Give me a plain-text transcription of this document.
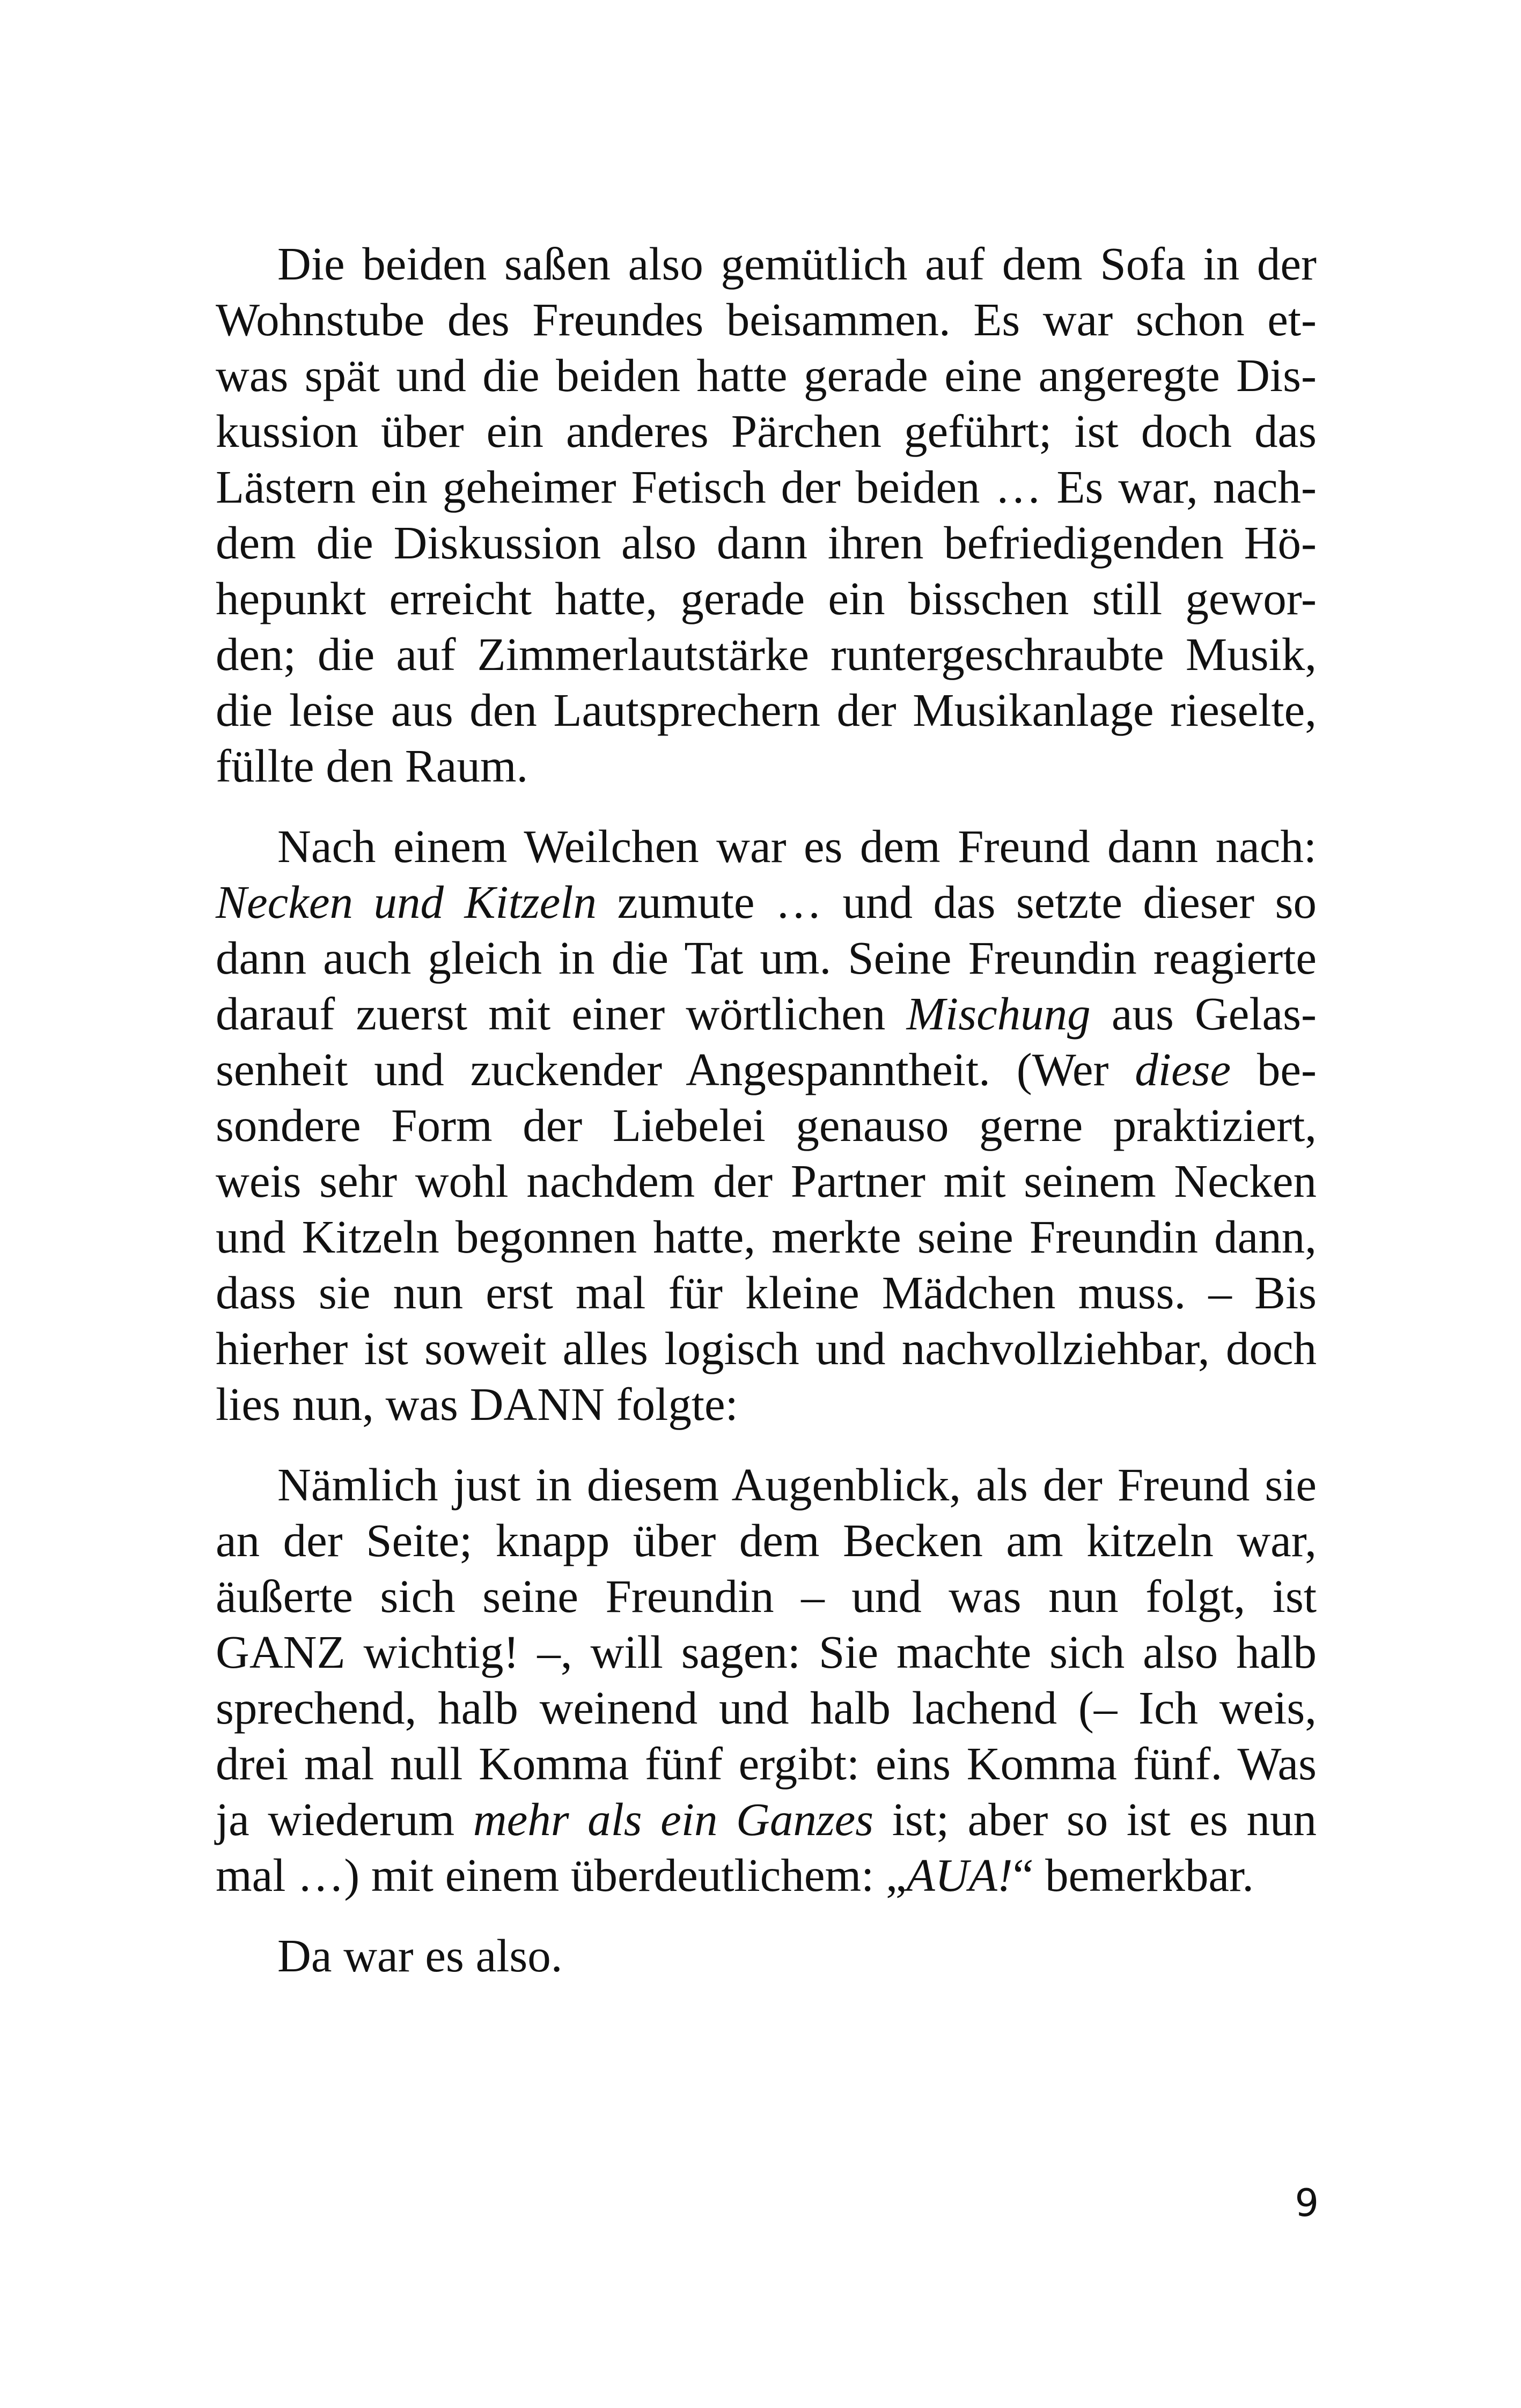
Die beiden saßen also gemütlich auf dem Sofa in der
Wohnstube des Freundes beisammen. Es war schon et-
was spät und die beiden hatte gerade eine angeregte Dis-
kussion über ein anderes Pärchen geführt; ist doch das
Lästern ein geheimer Fetisch der beiden … Es war, nach-
dem die Diskussion also dann ihren befriedigenden Hö-
hepunkt erreicht hatte, gerade ein bisschen still gewor-
den; die auf Zimmerlautstärke runtergeschraubte Musik,
die leise aus den Lautsprechern der Musikanlage rieselte,
füllte den Raum.
Nach einem Weilchen war es dem Freund dann nach:
Necken und Kitzeln zumute … und das setzte dieser so
dann auch gleich in die Tat um. Seine Freundin reagierte
darauf zuerst mit einer wörtlichen Mischung aus Gelas-
senheit und zuckender Angespanntheit. (Wer diese be-
sondere Form der Liebelei genauso gerne praktiziert,
weis sehr wohl nachdem der Partner mit seinem Necken
und Kitzeln begonnen hatte, merkte seine Freundin dann,
dass sie nun erst mal für kleine Mädchen muss. – Bis
hierher ist soweit alles logisch und nachvollziehbar, doch
lies nun, was DANN folgte:
Nämlich just in diesem Augenblick, als der Freund sie
an der Seite; knapp über dem Becken am kitzeln war,
äußerte sich seine Freundin – und was nun folgt, ist
GANZ wichtig! –, will sagen: Sie machte sich also halb
sprechend, halb weinend und halb lachend (– Ich weis,
drei mal null Komma fünf ergibt: eins Komma fünf. Was
ja wiederum mehr als ein Ganzes ist; aber so ist es nun
mal …) mit einem überdeutlichem: „AUA!“ bemerkbar.
Da war es also.
9
